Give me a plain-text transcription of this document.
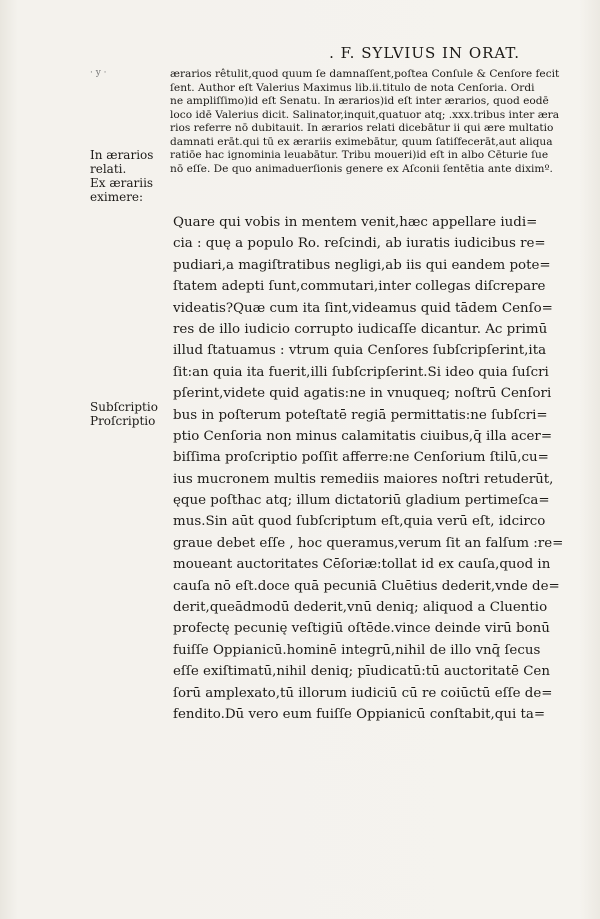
. F. SYLVIUS IN ORAT.
· y ·	ærarios rêtulit,quod quum ſe damnaſſent,poſtea Conſule & Cenſore fecit
ſent. Author eſt Valerius Maximus lib.ii.titulo de nota Cenſoria. Ordi
ne ampliſſimo)id eſt Senatu. In ærarios)id eſt inter ærarios, quod eodē
loco idē Valerius dicit. Salinator,inquit,quatuor atq; .xxx.tribus inter æra
rios referre nō dubitauit. In ærarios relati dicebātur ii qui ære multatio
damnati erāt.qui tū ex ærariis eximebātur, quum ſatiſfecerāt,aut aliqua
ratiōe hac ignominia leuabātur. Tribu moueri)id eſt in albo Cēturie ſue
nō eſſe. De quo animaduerſionis genere ex Aſconii ſentētia ante diximº.
In ærarios
relati.
Ex ærariis
eximere:
Subſcriptio
Proſcriptio
Quare qui vobis in mentem venit,hæc appellare iudi=
cia : quę a populo Ro. reſcindi, ab iuratis iudicibus re=
pudiari,a magiſtratibus negligi,ab iis qui eandem pote=
ſtatem adepti ſunt,commutari,inter collegas diſcrepare
videatis?Quæ cum ita ſint,videamus quid tādem Cenſo=
res de illo iudicio corrupto iudicaſſe dicantur. Ac primū
illud ſtatuamus : vtrum quia Cenſores ſubſcripſerint,ita
ſit:an quia ita fuerit,illi ſubſcripſerint.Si ideo quia ſuſcri
pſerint,videte quid agatis:ne in vnuqueq; noſtrū Cenſori
bus in poſterum poteſtatē regiā permittatis:ne ſubſcri=
ptio Cenſoria non minus calamitatis ciuibus,q̄ illa acer=
biſſima proſcriptio poſſit afferre:ne Cenſorium ſtilū,cu=
ius mucronem multis remediis maiores noſtri retuderūt,
ęque poſthac atq; illum dictatoriū gladium pertimeſca=
mus.Sin aūt quod ſubſcriptum eſt,quia verū eſt, idcirco
graue debet eſſe , hoc queramus,verum ſit an falſum :re=
moueant auctoritates Cēſoriæ:tollat id ex cauſa,quod in
cauſa nō eſt.doce quā pecuniā Cluētius dederit,vnde de=
derit,queādmodū dederit,vnū deniq; aliquod a Cluentio
profectę pecunię veſtigiū oſtēde.vince deinde virū bonū
fuiſſe Oppianicū.hominē integrū,nihil de illo vnq̄ ſecus
eſſe exiſtimatū,nihil deniq; pīudicatū:tū auctoritatē Cen
ſorū amplexato,tū illorum iudiciū cū re coiūctū eſſe de=
fendito.Dū vero eum fuiſſe Oppianicū conſtabit,qui ta=
